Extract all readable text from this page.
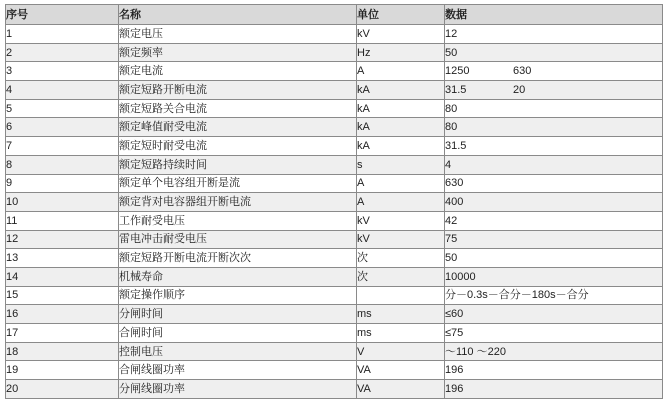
序号	名称	单位	数据
1	额定电压	kV	12
2	额定频率	Hz	50
3	额定电流	A	1250 630

4	额定短路开断电流	kA	31.5 20

5	额定短路关合电流	kA	80
6	额定峰值耐受电流	kA	80
7	额定短时耐受电流	kA	31.5
8	额定短路持续时间	s	4
9	额定单个电容组开断是流	A	630
10	额定背对电容器组开断电流	A	400
11	工作耐受电压	kV	42
12	雷电冲击耐受电压	kV	75
13	额定短路开断电流开断次次	次	50
14	机械寿命	次	10000
15	额定操作顺序		分－0.3s－合分－180s－合分
16	分闸时间	ms	≤60
17	合闸时间	ms	≤75
18	控制电压	V	〜110 〜220
19	合闸线圈功率	VA	196
20	分闸线圈功率	VA	196
